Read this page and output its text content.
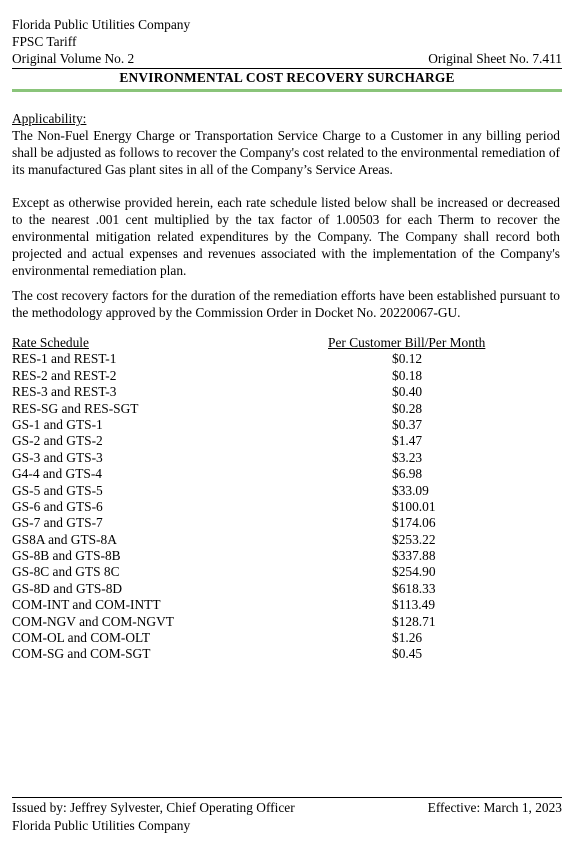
Florida Public Utilities Company
FPSC Tariff
Original Volume No. 2	Original Sheet No. 7.411
ENVIRONMENTAL COST RECOVERY SURCHARGE
Applicability:
The Non-Fuel Energy Charge or Transportation Service Charge to a Customer in any billing period shall be adjusted as follows to recover the Company's cost related to the environmental remediation of its manufactured Gas plant sites in all of the Company’s Service Areas.
Except as otherwise provided herein, each rate schedule listed below shall be increased or decreased to the nearest .001 cent multiplied by the tax factor of 1.00503 for each Therm to recover the environmental mitigation related expenditures by the Company. The Company shall record both projected and actual expenses and revenues associated with the implementation of the Company's environmental remediation plan.
The cost recovery factors for the duration of the remediation efforts have been established pursuant to the methodology approved by the Commission Order in Docket No. 20220067-GU.
Rate Schedule	Per Customer Bill/Per Month
RES-1 and REST-1	$0.12
RES-2 and REST-2	$0.18
RES-3 and REST-3	$0.40
RES-SG and RES-SGT	$0.28
GS-1 and GTS-1	$0.37
GS-2 and GTS-2	$1.47
GS-3 and GTS-3	$3.23
G4-4 and GTS-4	$6.98
GS-5 and GTS-5	$33.09
GS-6 and GTS-6	$100.01
GS-7 and GTS-7	$174.06
GS8A and GTS-8A	$253.22
GS-8B and GTS-8B	$337.88
GS-8C and GTS 8C	$254.90
GS-8D and GTS-8D	$618.33
COM-INT and COM-INTT	$113.49
COM-NGV and COM-NGVT	$128.71
COM-OL and COM-OLT	$1.26
COM-SG and COM-SGT	$0.45
Issued by: Jeffrey Sylvester, Chief Operating Officer	Effective: March 1, 2023
Florida Public Utilities Company
